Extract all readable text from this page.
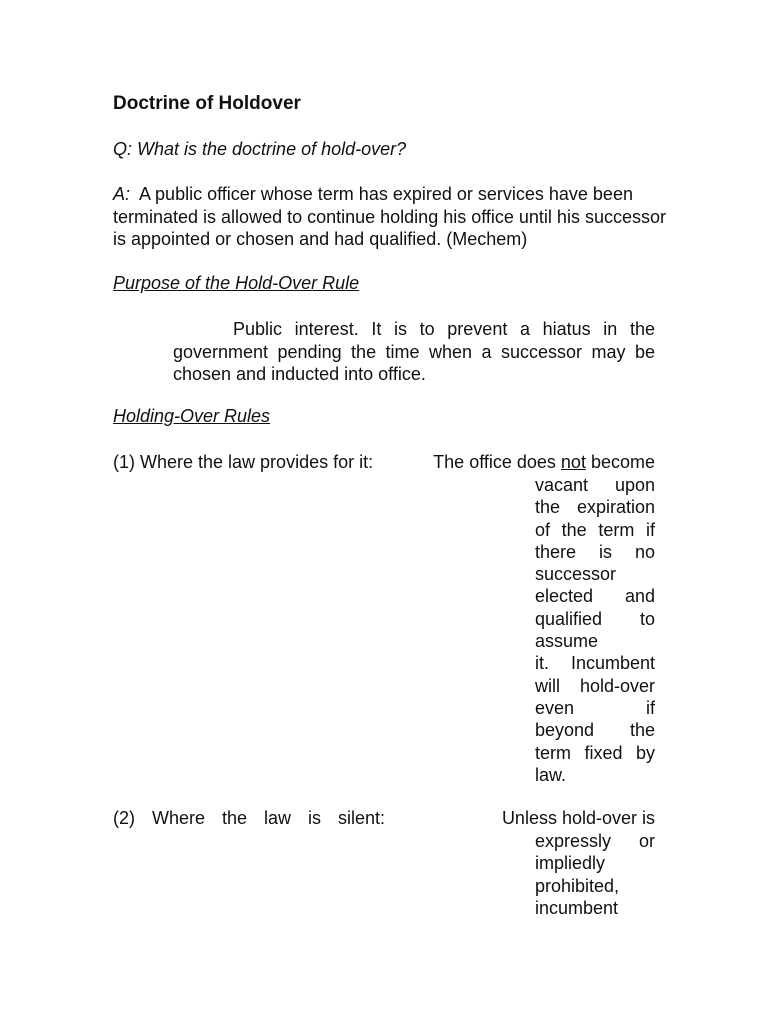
Doctrine of Holdover

Q: What is the doctrine of hold-over?

A: A public officer whose term has expired or services have been terminated is allowed to continue holding his office until his successor is appointed or chosen and had qualified. (Mechem)

Purpose of the Hold-Over Rule

Public interest. It is to prevent a hiatus in the government pending the time when a successor may be chosen and inducted into office.

Holding-Over Rules

(1) Where the law provides for it:	The office does not become

vacant upon
the expiration
of the term if
there is no
successor
elected and
qualified to
assume
it. Incumbent
will hold-over
even if
beyond the
term fixed by
law.

(2) Where the law is silent:	Unless hold-over is

expressly or
impliedly
prohibited,
incumbent
